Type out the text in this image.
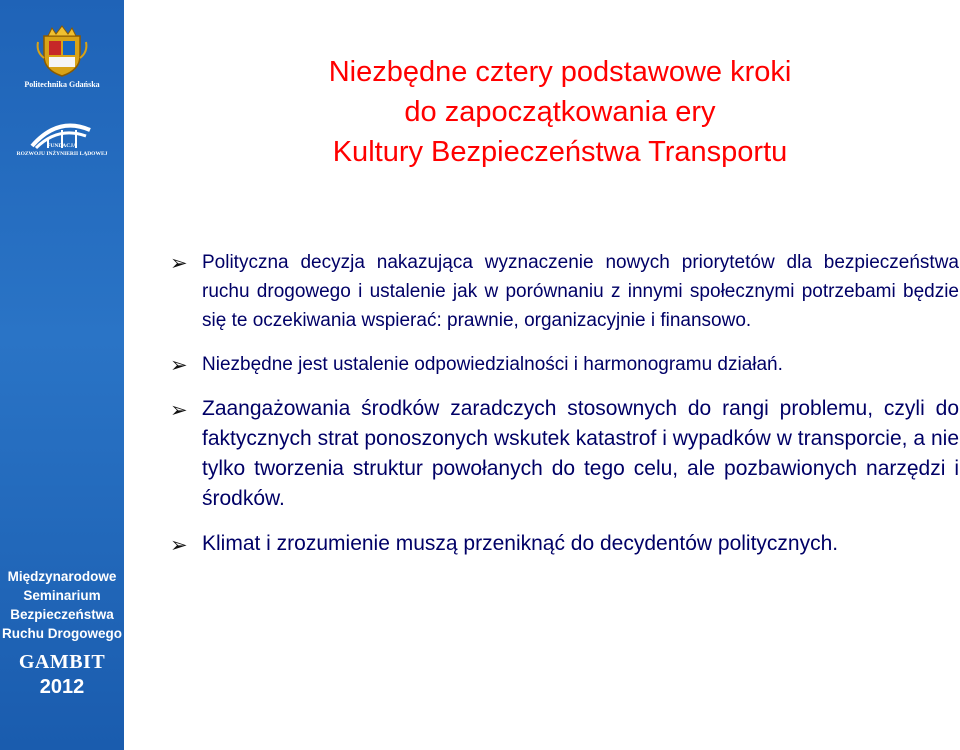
Politechnika Gdańska
FUNDACJA
ROZWOJU INŻYNIERII LĄDOWEJ
Międzynarodowe
Seminarium
Bezpieczeństwa
Ruchu Drogowego
GAMBIT
2012
Niezbędne cztery podstawowe kroki
do zapoczątkowania ery
Kultury Bezpieczeństwa Transportu
➢ Polityczna decyzja nakazująca wyznaczenie nowych priorytetów dla bezpieczeństwa ruchu drogowego i ustalenie jak w porównaniu z innymi społecznymi potrzebami będzie się te oczekiwania wspierać: prawnie, organizacyjnie i finansowo.
➢ Niezbędne jest ustalenie odpowiedzialności i harmonogramu działań.
➢ Zaangażowania środków zaradczych stosownych do rangi problemu, czyli do faktycznych strat ponoszonych wskutek katastrof i wypadków w transporcie, a nie tylko tworzenia struktur powołanych do tego celu, ale pozbawionych narzędzi i środków.
➢ Klimat i zrozumienie muszą przeniknąć do decydentów politycznych.
